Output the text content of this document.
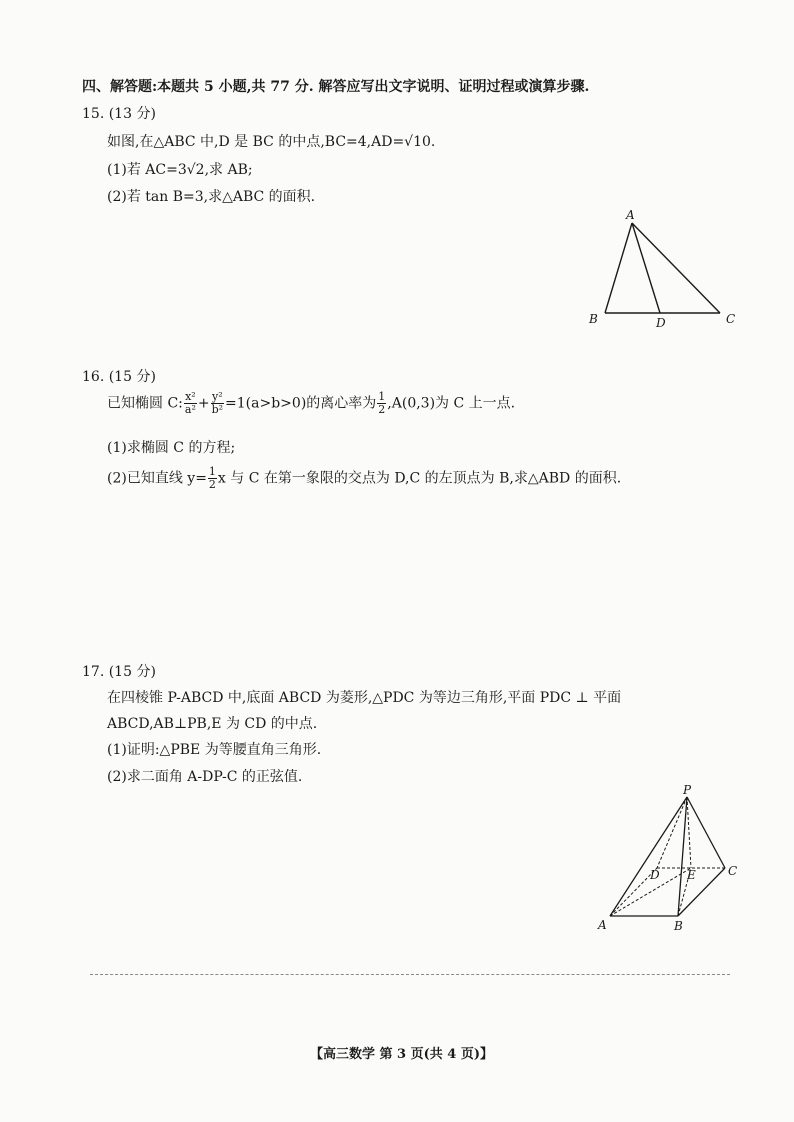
四、解答题:本题共 5 小题,共 77 分. 解答应写出文字说明、证明过程或演算步骤.
15. (13 分)
如图,在△ABC 中,D 是 BC 的中点,BC=4,AD=√10.
(1)若 AC=3√2,求 AB;
(2)若 tan B=3,求△ABC 的面积.
A
B	D	C
16. (15 分)
已知椭圆 C: $\frac{\text{x²}}{\text{a²}} + \frac{\text{y²}}{\text{b²}} =1(a>b>0)$的离心率为 $\frac{1}{2} ,A(0,3)$为 C 上一点.
(1)求椭圆 C 的方程;
(2)已知直线 $y= \frac{1}{2}$ x 与 C 在第一象限的交点为 D,C 的左顶点为 B,求△ABD 的面积.
17. (15 分)
在四棱锥 P-ABCD 中,底面 ABCD 为菱形,△PDC 为等边三角形,平面 PDC ⊥ 平面
ABCD,AB⊥PB,E 为 CD 的中点.
(1)证明:△PBE 为等腰直角三角形.
(2)求二面角 A-DP-C 的正弦值.
P
D E	C
A	B
【高三数学 第 3 页(共 4 页)】
